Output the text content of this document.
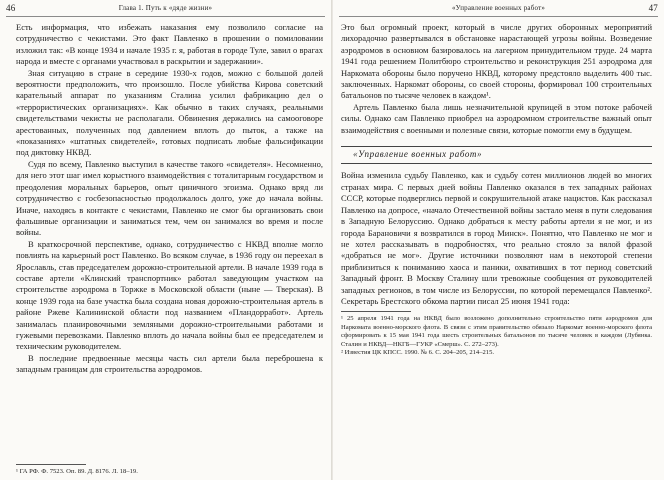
46	Глава 1. Путь к «дяде жизни»

Есть информация, что избежать наказания ему позволило согласие на сотрудничество с чекистами. Это факт Павленко в прошении о помиловании изложил так: «В конце 1934 и начале 1935 г. я, работая в городе Туле, завил о врагах народа и вместе с органами участвовал в раскрытии и задержании».

Зная ситуацию в стране в середине 1930-х годов, можно с большой долей вероятности предположить, что произошло. После убийства Кирова советский карательный аппарат по указаниям Сталина усилил фабрикацию дел о «террористических организациях». Как обычно в таких случаях, реальными свидетельствами чекисты не располагали. Обвинения держались на самооговоре арестованных, полученных под давлением вплоть до пыток, а также на «показаниях» «штатных свидетелей», готовых подписать любые фальсификации под диктовку НКВД.

Судя по всему, Павленко выступил в качестве такого «свидетеля». Несомненно, для него этот шаг имел корыстного взаимодействия с тоталитарным государством и преодоления моральных барьеров, опыт циничного эгоизма. Однако вряд ли сотрудничество с госбезопасностью продолжалось долго, уже до начала войны. Иначе, находясь в контакте с чекистами, Павленко не смог бы организовать свои фальшивые организации и заниматься тем, чем он занимался во время и после войны.

В краткосрочной перспективе, однако, сотрудничество с НКВД вполне могло повлиять на карьерный рост Павленко. Во всяком случае, в 1936 году он переехал в Ярославль, став председателем дорожно-строительной артели. В начале 1939 года в составе артели «Клинский транспортник» работал заведующим участком на строительстве аэродрома в Торжке в Московской области (ныне — Тверская). В конце 1939 года на базе участка была создана новая дорожно-строительная артель в районе Ржеве Калининской области под названием «Пландорработ». Артель занималась планировочными земляными дорожно-строительными работами и гужевыми перевозками. Павленко вплоть до начала войны был ее председателем и техническим руководителем.

В последние предвоенные месяцы часть сил артели была переброшена к западным границам для строительства аэродромов.

¹ ГА РФ. Ф. 7523. Оп. 89. Д. 8176. Л. 18–19.
«Управление военных работ»	47

Это был огромный проект, который в числе других оборонных мероприятий лихорадочно развертывался в обстановке нарастающей угрозы войны. Возведение аэродромов в основном базировалось на лагерном принудительном труде. 24 марта 1941 года решением Политбюро строительство и реконструкция 251 аэродрома для Наркомата обороны было поручено НКВД, которому предстояло выделить 400 тыс. заключенных. Наркомат обороны, со своей стороны, формировал 100 строительных батальонов по тысяче человек в каждом¹.

Артель Павленко была лишь незначительной крупицей в этом потоке рабочей силы. Однако сам Павленко приобрел на аэродромном строительстве важный опыт взаимодействия с военными и полезные связи, которые помогли ему в будущем.

«Управление военных работ»

Война изменила судьбу Павленко, как и судьбу сотен миллионов людей во многих странах мира. С первых дней войны Павленко оказался в тех западных районах СССР, которые подверглись первой и сокрушительной атаке нацистов. Как рассказал Павленко на допросе, «начало Отечественной войны застало меня в пути следования в Западную Белоруссию. Однако добраться к месту работы артели я не мог, и из города Барановичи я возвратился в город Минск». Понятно, что Павленко не мог и не хотел рассказывать в подробностях, что реально стояло за вялой фразой «добраться не мог». Другие источники позволяют нам в некоторой степени приблизиться к пониманию хаоса и паники, охвативших в тот период советский Западный фронт. В Москву Сталину шли тревожные сообщения от руководителей западных регионов, в том числе из Белоруссии, по которой перемещался Павленко². Секретарь Брестского обкома партии писал 25 июня 1941 года:

¹ 25 апреля 1941 года на НКВД было возложено дополнительно строительство пяти аэродромов для Наркомата военно-морского флота. В связи с этим правительство обязало Наркомат военно-морского флота сформировать к 15 мая 1941 года шесть строительных батальонов по тысяче человек в каждом (Лубянка. Сталин и НКВД—НКГБ—ГУКР «Смерш». С. 272–273).

² Известия ЦК КПСС. 1990. № 6. С. 204–205, 214–215.
